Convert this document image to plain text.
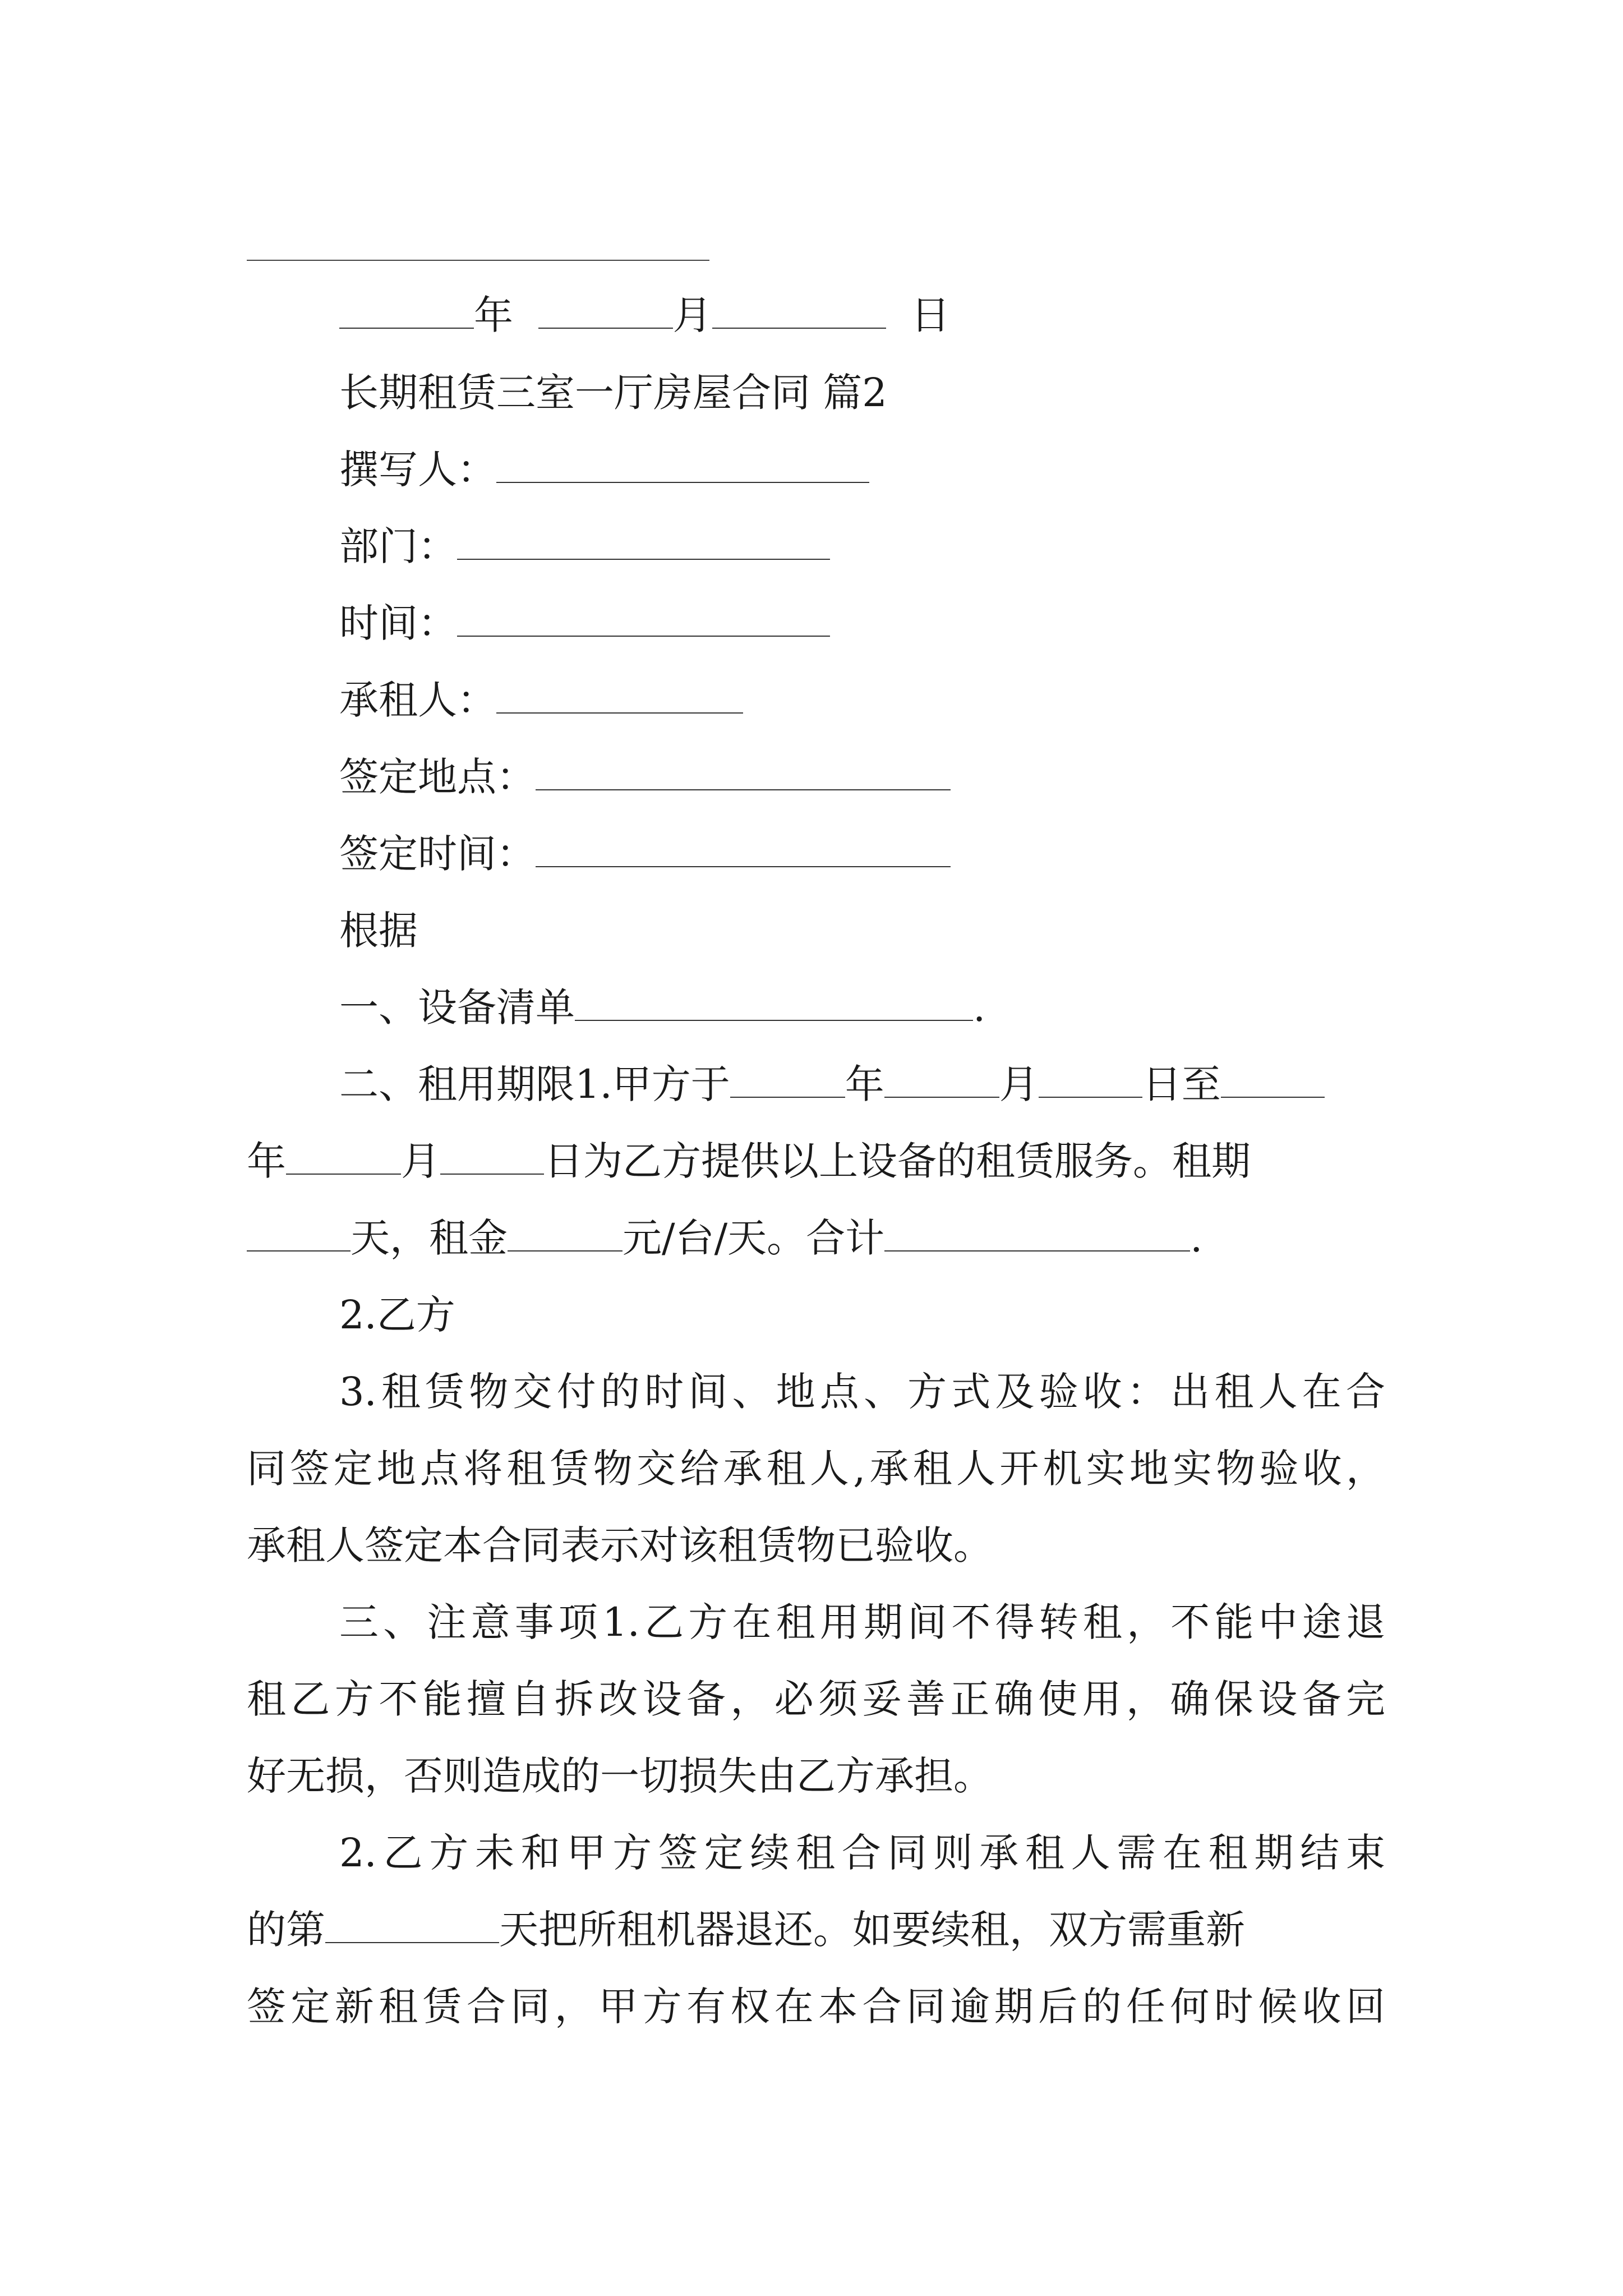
年	月	日
长期租赁三室一厅房屋合同 篇2
撰写人：
部门：
时间：
承租人：
签定地点：
签定时间：
根据
一、设备清单	.
二、租用期限1.甲方于	年	月	日至
年	月	日为乙方提供以上设备的租赁服务。租期
天，租金	元/台/天。合计	.
2.乙方
3.租赁物交付的时间、地点、方式及验收：出租人在合
同签定地点将租赁物交给承租人,承租人开机实地实物验收，
承租人签定本合同表示对该租赁物已验收。
三、注意事项1.乙方在租用期间不得转租，不能中途退
租乙方不能擅自拆改设备，必须妥善正确使用，确保设备完
好无损，否则造成的一切损失由乙方承担。
2.乙方未和甲方签定续租合同则承租人需在租期结束
的第	天把所租机器退还。如要续租，双方需重新
签定新租赁合同，甲方有权在本合同逾期后的任何时候收回
